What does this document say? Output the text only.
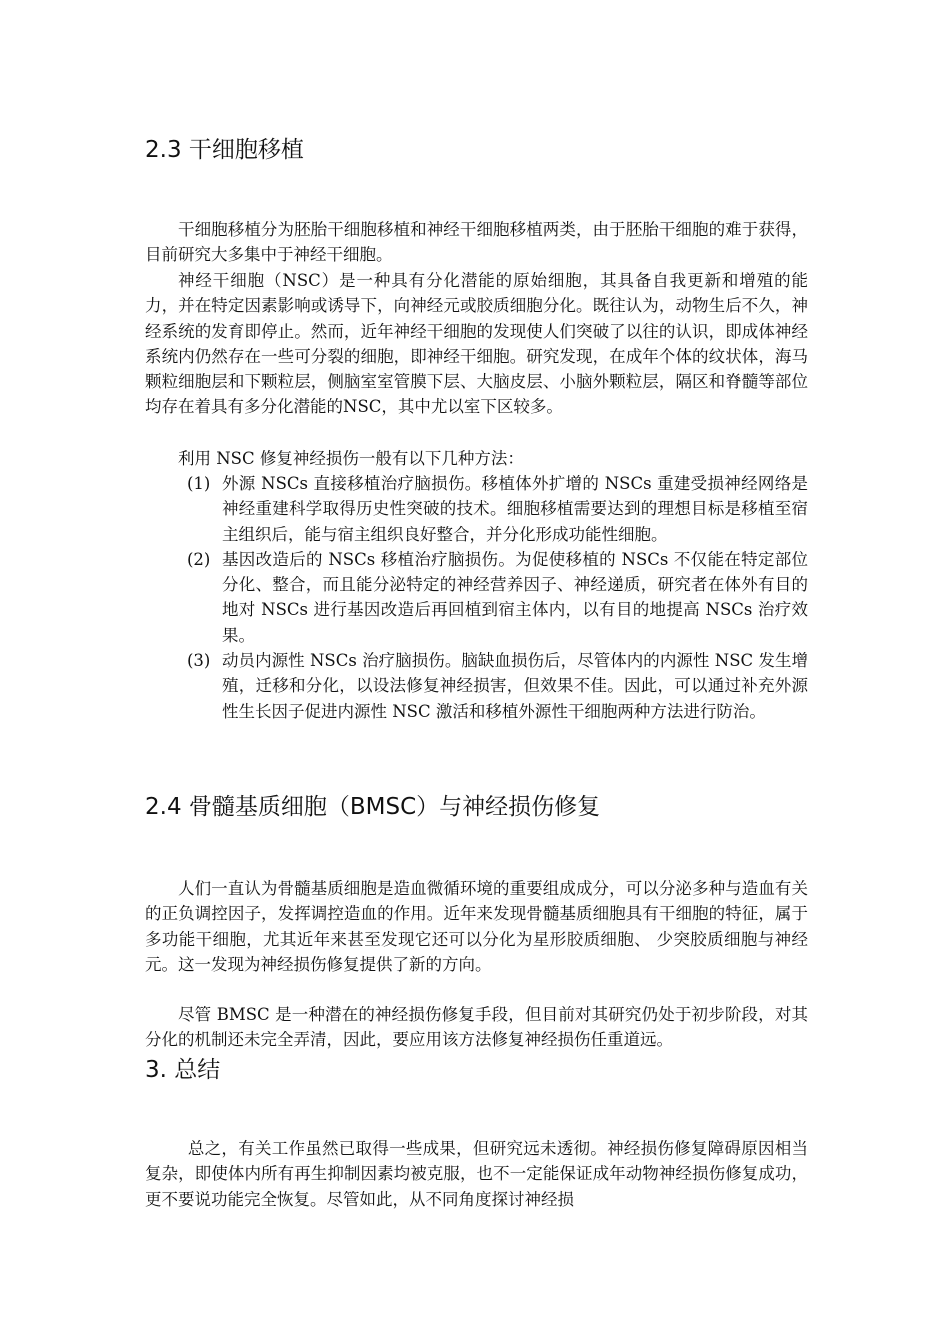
2.3 干细胞移植

干细胞移植分为胚胎干细胞移植和神经干细胞移植两类，由于胚胎干细胞的难于获得，目前研究大多集中于神经干细胞。

神经干细胞（NSC）是一种具有分化潜能的原始细胞，其具备自我更新和增殖的能力，并在特定因素影响或诱导下，向神经元或胶质细胞分化。既往认为，动物生后不久，神经系统的发育即停止。然而，近年神经干细胞的发现使人们突破了以往的认识，即成体神经系统内仍然存在一些可分裂的细胞，即神经干细胞。研究发现，在成年个体的纹状体，海马颗粒细胞层和下颗粒层，侧脑室室管膜下层、大脑皮层、小脑外颗粒层，隔区和脊髓等部位均存在着具有多分化潜能的NSC，其中尤以室下区较多。

利用 NSC 修复神经损伤一般有以下几种方法：

(1) 外源 NSCs 直接移植治疗脑损伤。移植体外扩增的 NSCs 重建受损神经网络是神经重建科学取得历史性突破的技术。细胞移植需要达到的理想目标是移植至宿主组织后，能与宿主组织良好整合，并分化形成功能性细胞。
(2) 基因改造后的 NSCs 移植治疗脑损伤。为促使移植的 NSCs 不仅能在特定部位分化、整合，而且能分泌特定的神经营养因子、神经递质，研究者在体外有目的地对 NSCs 进行基因改造后再回植到宿主体内，以有目的地提高 NSCs 治疗效果。
(3) 动员内源性 NSCs 治疗脑损伤。脑缺血损伤后，尽管体内的内源性 NSC 发生增殖，迁移和分化，以设法修复神经损害，但效果不佳。因此，可以通过补充外源性生长因子促进内源性 NSC 激活和移植外源性干细胞两种方法进行防治。
2.4 骨髓基质细胞（BMSC）与神经损伤修复

人们一直认为骨髓基质细胞是造血微循环境的重要组成成分，可以分泌多种与造血有关的正负调控因子，发挥调控造血的作用。近年来发现骨髓基质细胞具有干细胞的特征，属于多功能干细胞，尤其近年来甚至发现它还可以分化为星形胶质细胞、 少突胶质细胞与神经元。这一发现为神经损伤修复提供了新的方向。

尽管 BMSC 是一种潜在的神经损伤修复手段，但目前对其研究仍处于初步阶段，对其分化的机制还未完全弄清，因此，要应用该方法修复神经损伤任重道远。

3. 总结

总之，有关工作虽然已取得一些成果，但研究远未透彻。神经损伤修复障碍原因相当复杂，即使体内所有再生抑制因素均被克服，也不一定能保证成年动物神经损伤修复成功，更不要说功能完全恢复。尽管如此，从不同角度探讨神经损
